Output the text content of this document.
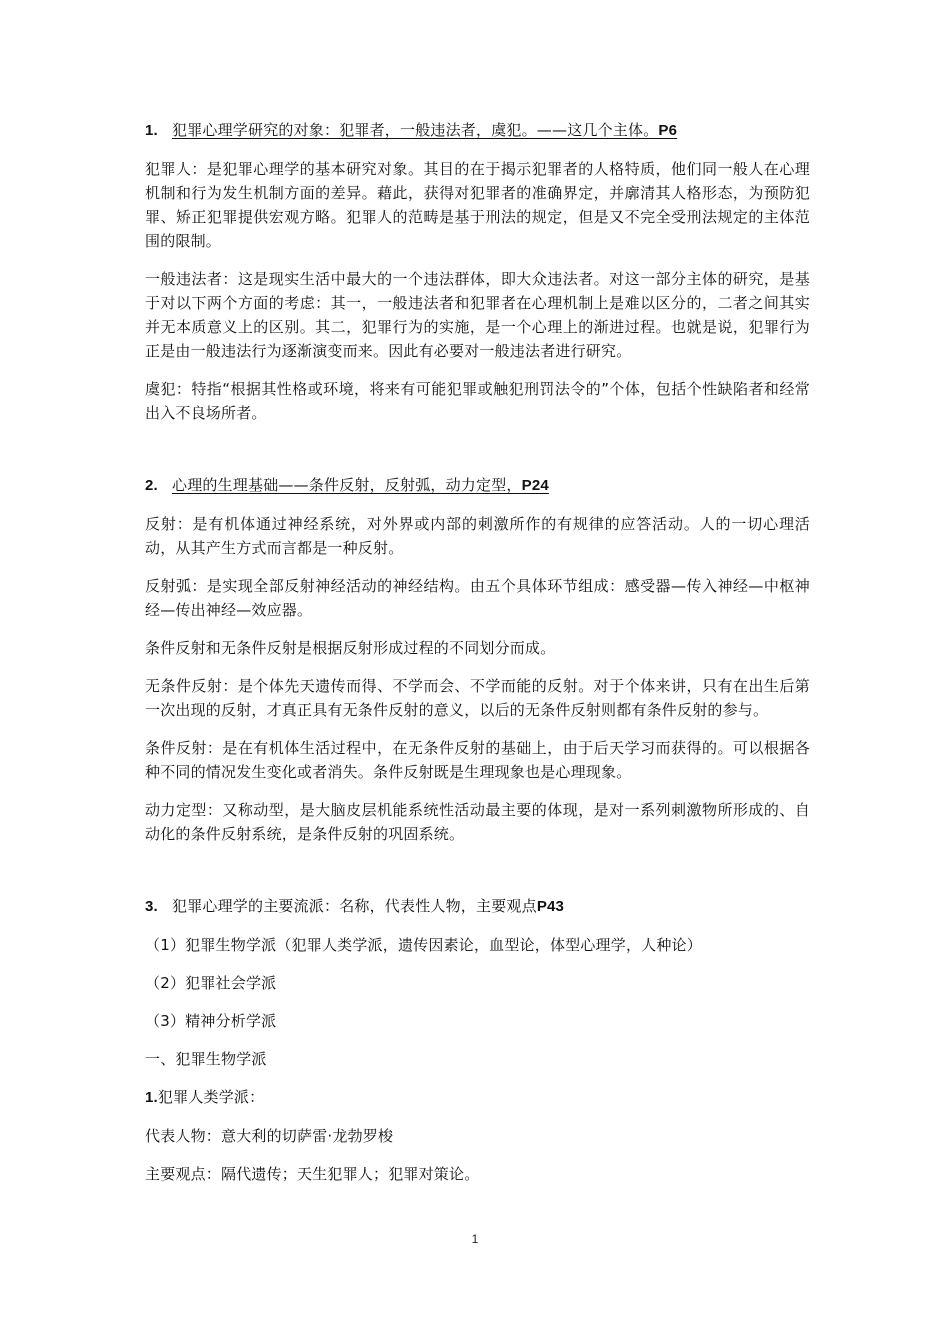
1. 犯罪心理学研究的对象：犯罪者，一般违法者，虞犯。——这几个主体。P6

犯罪人：是犯罪心理学的基本研究对象。其目的在于揭示犯罪者的人格特质，他们同一般人在心理机制和行为发生机制方面的差异。藉此，获得对犯罪者的准确界定，并廓清其人格形态，为预防犯罪、矫正犯罪提供宏观方略。犯罪人的范畴是基于刑法的规定，但是又不完全受刑法规定的主体范围的限制。

一般违法者：这是现实生活中最大的一个违法群体，即大众违法者。对这一部分主体的研究，是基于对以下两个方面的考虑：其一，一般违法者和犯罪者在心理机制上是难以区分的，二者之间其实并无本质意义上的区别。其二，犯罪行为的实施，是一个心理上的渐进过程。也就是说，犯罪行为正是由一般违法行为逐渐演变而来。因此有必要对一般违法者进行研究。

虞犯：特指“根据其性格或环境，将来有可能犯罪或触犯刑罚法令的”个体，包括个性缺陷者和经常出入不良场所者。

2. 心理的生理基础——条件反射，反射弧，动力定型，P24

反射：是有机体通过神经系统，对外界或内部的刺激所作的有规律的应答活动。人的一切心理活动，从其产生方式而言都是一种反射。

反射弧：是实现全部反射神经活动的神经结构。由五个具体环节组成：感受器—传入神经—中枢神经—传出神经—效应器。

条件反射和无条件反射是根据反射形成过程的不同划分而成。

无条件反射：是个体先天遗传而得、不学而会、不学而能的反射。对于个体来讲，只有在出生后第一次出现的反射，才真正具有无条件反射的意义，以后的无条件反射则都有条件反射的参与。

条件反射：是在有机体生活过程中，在无条件反射的基础上，由于后天学习而获得的。可以根据各种不同的情况发生变化或者消失。条件反射既是生理现象也是心理现象。

动力定型：又称动型，是大脑皮层机能系统性活动最主要的体现，是对一系列刺激物所形成的、自动化的条件反射系统，是条件反射的巩固系统。

3. 犯罪心理学的主要流派：名称，代表性人物，主要观点P43

（1）犯罪生物学派（犯罪人类学派，遗传因素论，血型论，体型心理学，人种论）

（2）犯罪社会学派

（3）精神分析学派

一、犯罪生物学派

1.犯罪人类学派：

代表人物：意大利的切萨雷·龙勃罗梭

主要观点：隔代遗传；天生犯罪人；犯罪对策论。

1
